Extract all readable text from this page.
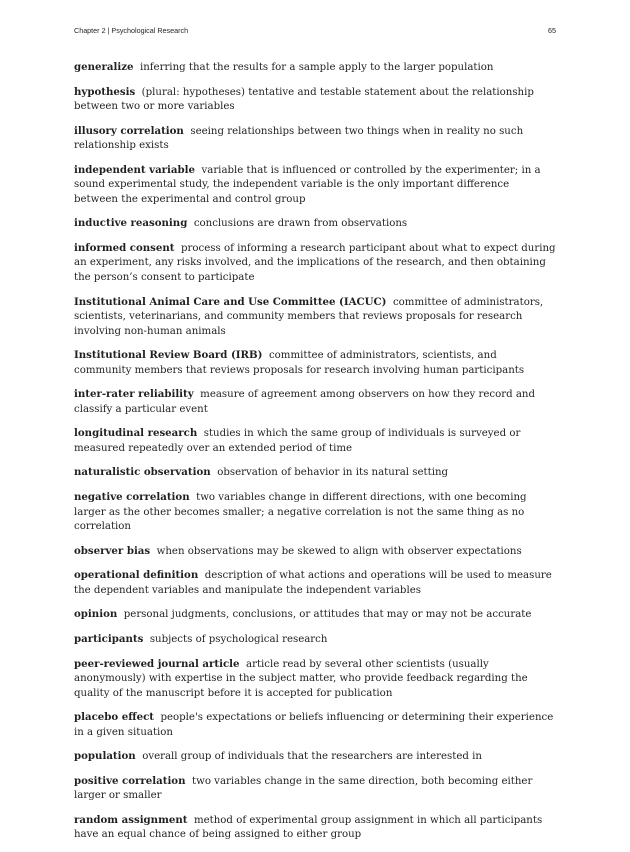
Chapter 2 | Psychological Research	65

generalize inferring that the results for a sample apply to the larger population

hypothesis (plural: hypotheses) tentative and testable statement about the relationship between two or more variables

illusory correlation seeing relationships between two things when in reality no such relationship exists

independent variable variable that is influenced or controlled by the experimenter; in a sound experimental study, the independent variable is the only important difference between the experimental and control group

inductive reasoning conclusions are drawn from observations

informed consent process of informing a research participant about what to expect during an experiment, any risks involved, and the implications of the research, and then obtaining the person’s consent to participate

Institutional Animal Care and Use Committee (IACUC) committee of administrators, scientists, veterinarians, and community members that reviews proposals for research involving non-human animals

Institutional Review Board (IRB) committee of administrators, scientists, and community members that reviews proposals for research involving human participants

inter-rater reliability measure of agreement among observers on how they record and classify a particular event

longitudinal research studies in which the same group of individuals is surveyed or measured repeatedly over an extended period of time

naturalistic observation observation of behavior in its natural setting

negative correlation two variables change in different directions, with one becoming larger as the other becomes smaller; a negative correlation is not the same thing as no correlation

observer bias when observations may be skewed to align with observer expectations

operational definition description of what actions and operations will be used to measure the dependent variables and manipulate the independent variables

opinion personal judgments, conclusions, or attitudes that may or may not be accurate

participants subjects of psychological research

peer-reviewed journal article article read by several other scientists (usually anonymously) with expertise in the subject matter, who provide feedback regarding the quality of the manuscript before it is accepted for publication

placebo effect people's expectations or beliefs influencing or determining their experience in a given situation

population overall group of individuals that the researchers are interested in

positive correlation two variables change in the same direction, both becoming either larger or smaller

random assignment method of experimental group assignment in which all participants have an equal chance of being assigned to either group
